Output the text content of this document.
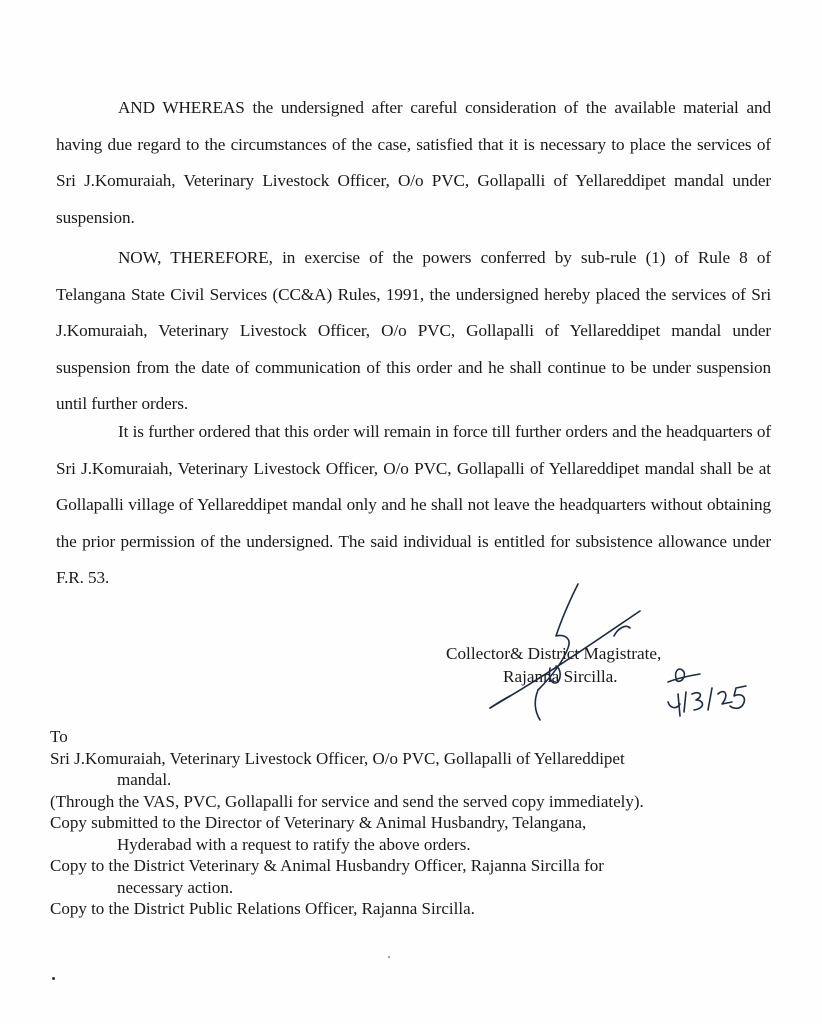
AND WHEREAS the undersigned after careful consideration of the available material and having due regard to the circumstances of the case, satisfied that it is necessary to place the services of Sri J.Komuraiah, Veterinary Livestock Officer, O/o PVC, Gollapalli of Yellareddipet mandal under suspension.

NOW, THEREFORE, in exercise of the powers conferred by sub-rule (1) of Rule 8 of Telangana State Civil Services (CC&A) Rules, 1991, the undersigned hereby placed the services of Sri J.Komuraiah, Veterinary Livestock Officer, O/o PVC, Gollapalli of Yellareddipet mandal under suspension from the date of communication of this order and he shall continue to be under suspension until further orders.

It is further ordered that this order will remain in force till further orders and the headquarters of Sri J.Komuraiah, Veterinary Livestock Officer, O/o PVC, Gollapalli of Yellareddipet mandal shall be at Gollapalli village of Yellareddipet mandal only and he shall not leave the headquarters without obtaining the prior permission of the undersigned. The said individual is entitled for subsistence allowance under F.R. 53.

Collector& District Magistrate,
Rajanna Sircilla.
4/3/25
To
Sri J.Komuraiah, Veterinary Livestock Officer, O/o PVC, Gollapalli of Yellareddipet
mandal.
(Through the VAS, PVC, Gollapalli for service and send the served copy immediately).
Copy submitted to the Director of Veterinary & Animal Husbandry, Telangana,
Hyderabad with a request to ratify the above orders.
Copy to the District Veterinary & Animal Husbandry Officer, Rajanna Sircilla for
necessary action.
Copy to the District Public Relations Officer, Rajanna Sircilla.
